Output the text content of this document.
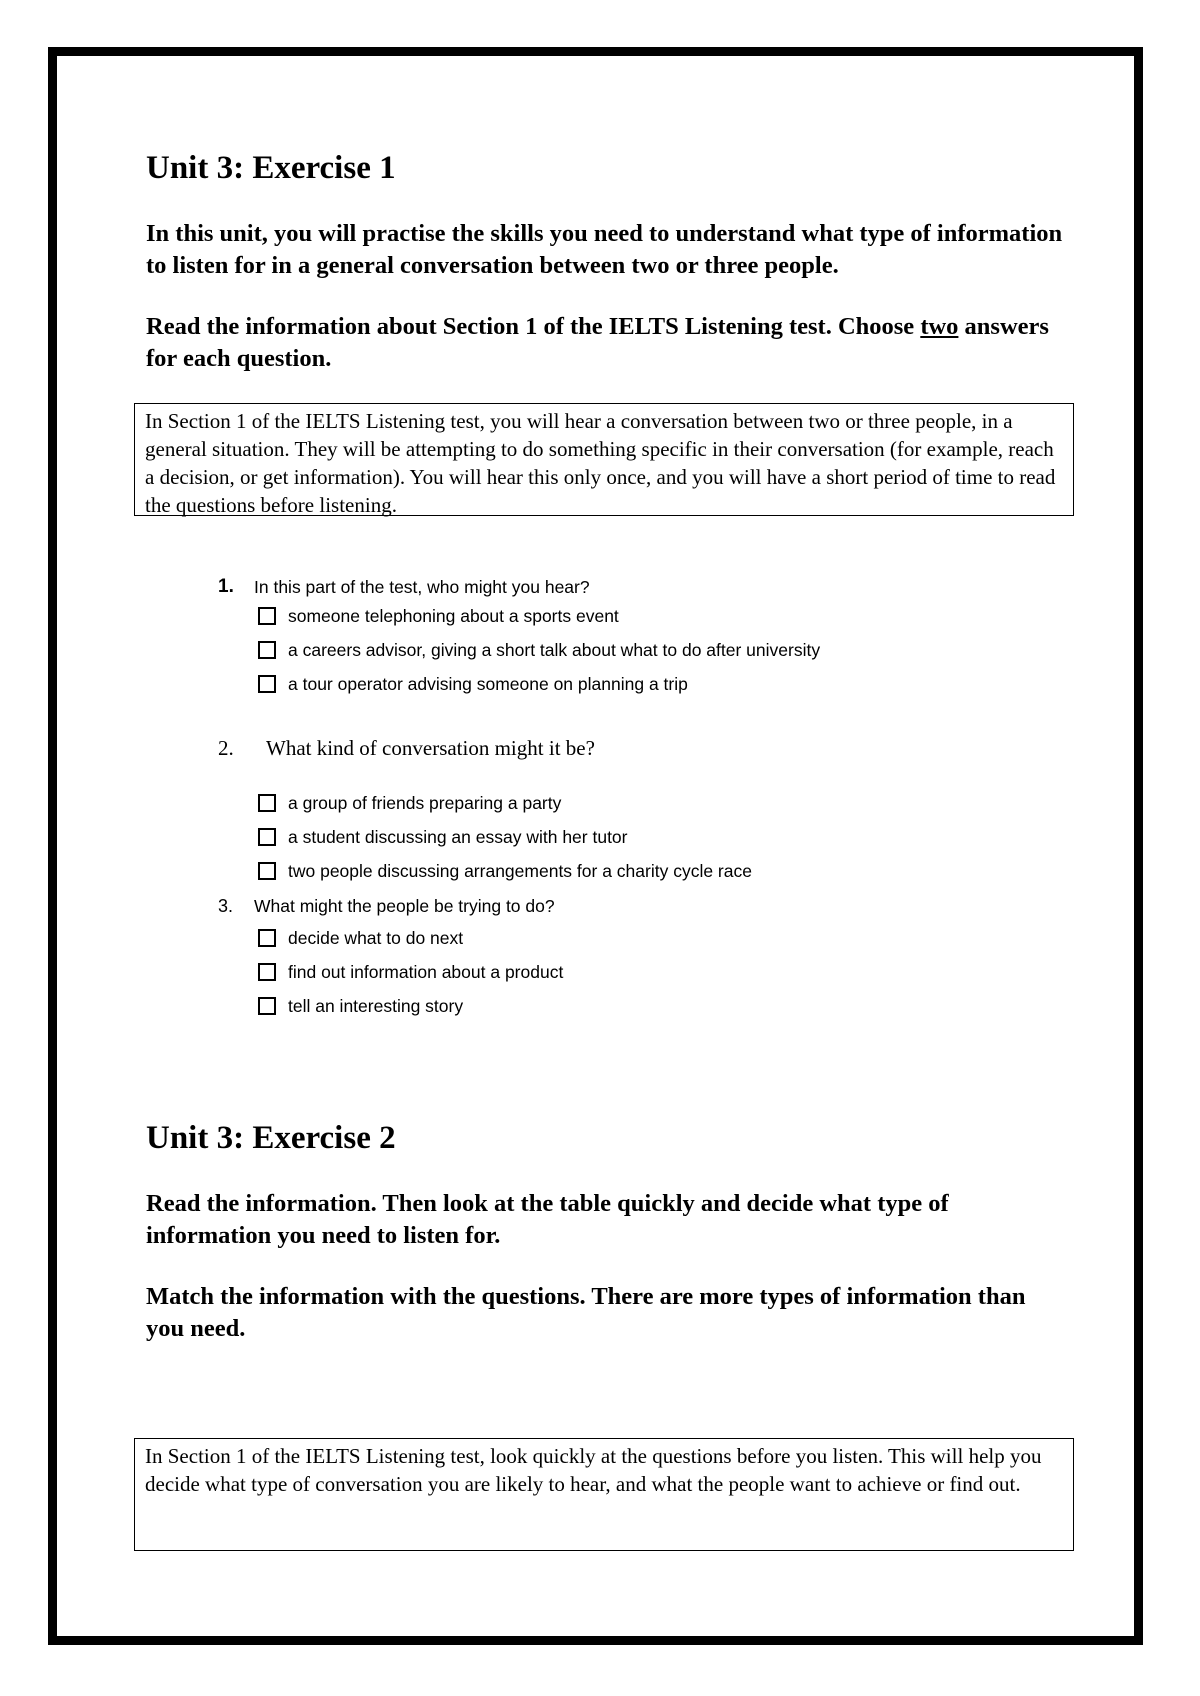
Unit 3: Exercise 1

In this unit, you will practise the skills you need to understand what type of information to listen for in a general conversation between two or three people.

Read the information about Section 1 of the IELTS Listening test. Choose two answers for each question.

In Section 1 of the IELTS Listening test, you will hear a conversation between two or three people, in a general situation. They will be attempting to do something specific in their conversation (for example, reach a decision, or get information). You will hear this only once, and you will have a short period of time to read the questions before listening.
1. In this part of the test, who might you hear?
someone telephoning about a sports event
a careers advisor, giving a short talk about what to do after university
a tour operator advising someone on planning a trip
2. What kind of conversation might it be?
a group of friends preparing a party
a student discussing an essay with her tutor
two people discussing arrangements for a charity cycle race
3. What might the people be trying to do?
decide what to do next
find out information about a product
tell an interesting story
Unit 3: Exercise 2

Read the information. Then look at the table quickly and decide what type of information you need to listen for.

Match the information with the questions. There are more types of information than you need.

In Section 1 of the IELTS Listening test, look quickly at the questions before you listen. This will help you decide what type of conversation you are likely to hear, and what the people want to achieve or find out.
